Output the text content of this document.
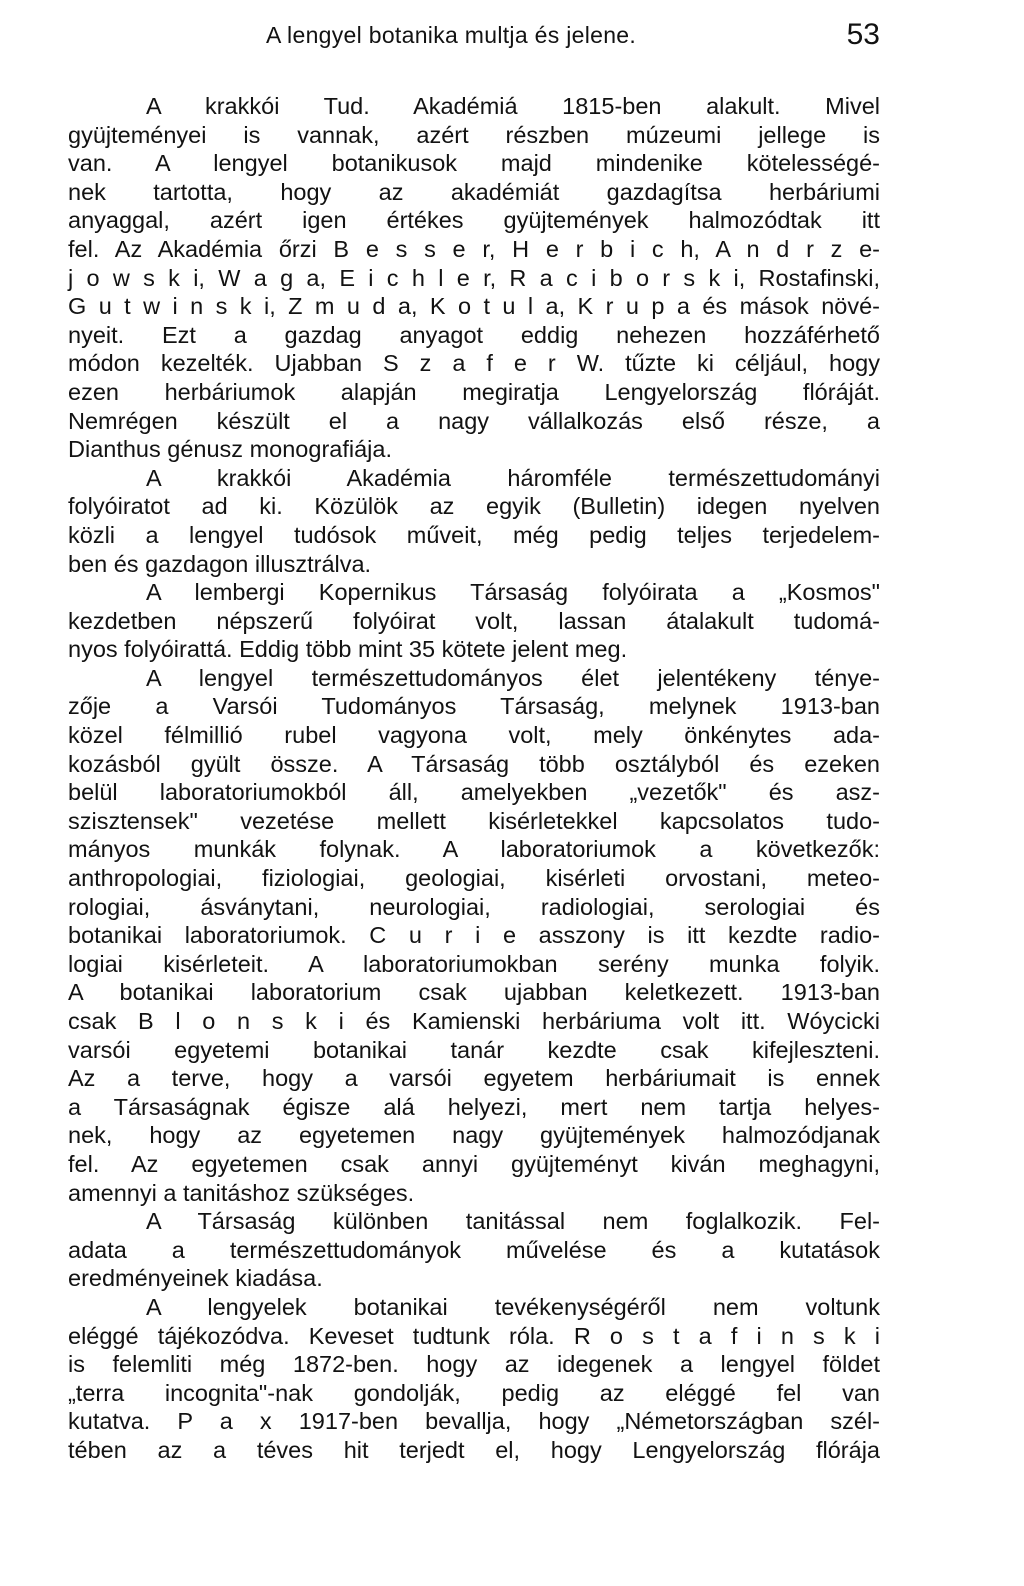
A lengyel botanika multja és jelene.	53
A krakkói Tud. Akadémiá 1815-ben alakult. Mivel
gyüjteményei is vannak, azért részben múzeumi jellege is
van. A lengyel botanikusok majd mindenike kötelességé-
nek tartotta, hogy az akadémiát gazdagítsa herbáriumi
anyaggal, azért igen értékes gyüjtemények halmozódtak itt
fel. Az Akadémia őrzi B e s s e r, H e r b i c h, A n d r z e-
j o w s k i, W a g a, E i c h l e r, R a c i b o r s k i, Rostafinski,
G u t w i n s k i, Z m u d a, K o t u l a, K r u p a és mások növé-
nyeit. Ezt a gazdag anyagot eddig nehezen hozzáférhető
módon kezelték. Ujabban S z a f e r W. tűzte ki céljául, hogy
ezen herbáriumok alapján megiratja Lengyelország flóráját.
Nemrégen készült el a nagy vállalkozás első része, a
Dianthus génusz monografiája.
A krakkói Akadémia háromféle természettudományi
folyóiratot ad ki. Közülök az egyik (Bulletin) idegen nyelven
közli a lengyel tudósok műveit, még pedig teljes terjedelem-
ben és gazdagon illusztrálva.
A lembergi Kopernikus Társaság folyóirata a „Kosmos"
kezdetben népszerű folyóirat volt, lassan átalakult tudomá-
nyos folyóirattá. Eddig több mint 35 kötete jelent meg.
A lengyel természettudományos élet jelentékeny ténye-
zője a Varsói Tudományos Társaság, melynek 1913-ban
közel félmillió rubel vagyona volt, mely önkénytes ada-
kozásból gyült össze. A Társaság több osztályból és ezeken
belül laboratoriumokból áll, amelyekben „vezetők" és asz-
szisztensek" vezetése mellett kisérletekkel kapcsolatos tudo-
mányos munkák folynak. A laboratoriumok a következők:
anthropologiai, fiziologiai, geologiai, kisérleti orvostani, meteo-
rologiai, ásványtani, neurologiai, radiologiai, serologiai és
botanikai laboratoriumok. C u r i e asszony is itt kezdte radio-
logiai kisérleteit. A laboratoriumokban serény munka folyik.
A botanikai laboratorium csak ujabban keletkezett. 1913-ban
csak B l o n s k i és Kamienski herbáriuma volt itt. Wóycicki
varsói egyetemi botanikai tanár kezdte csak kifejleszteni.
Az a terve, hogy a varsói egyetem herbáriumait is ennek
a Társaságnak égisze alá helyezi, mert nem tartja helyes-
nek, hogy az egyetemen nagy gyüjtemények halmozódjanak
fel. Az egyetemen csak annyi gyüjteményt kiván meghagyni,
amennyi a tanitáshoz szükséges.
A Társaság különben tanitással nem foglalkozik. Fel-
adata a természettudományok művelése és a kutatások
eredményeinek kiadása.
A lengyelek botanikai tevékenységéről nem voltunk
eléggé tájékozódva. Keveset tudtunk róla. R o s t a f i n s k i
is felemliti még 1872-ben. hogy az idegenek a lengyel földet
„terra incognita"-nak gondolják, pedig az eléggé fel van
kutatva. P a x 1917-ben bevallja, hogy „Németországban szél-
tében az a téves hit terjedt el, hogy Lengyelország flórája
